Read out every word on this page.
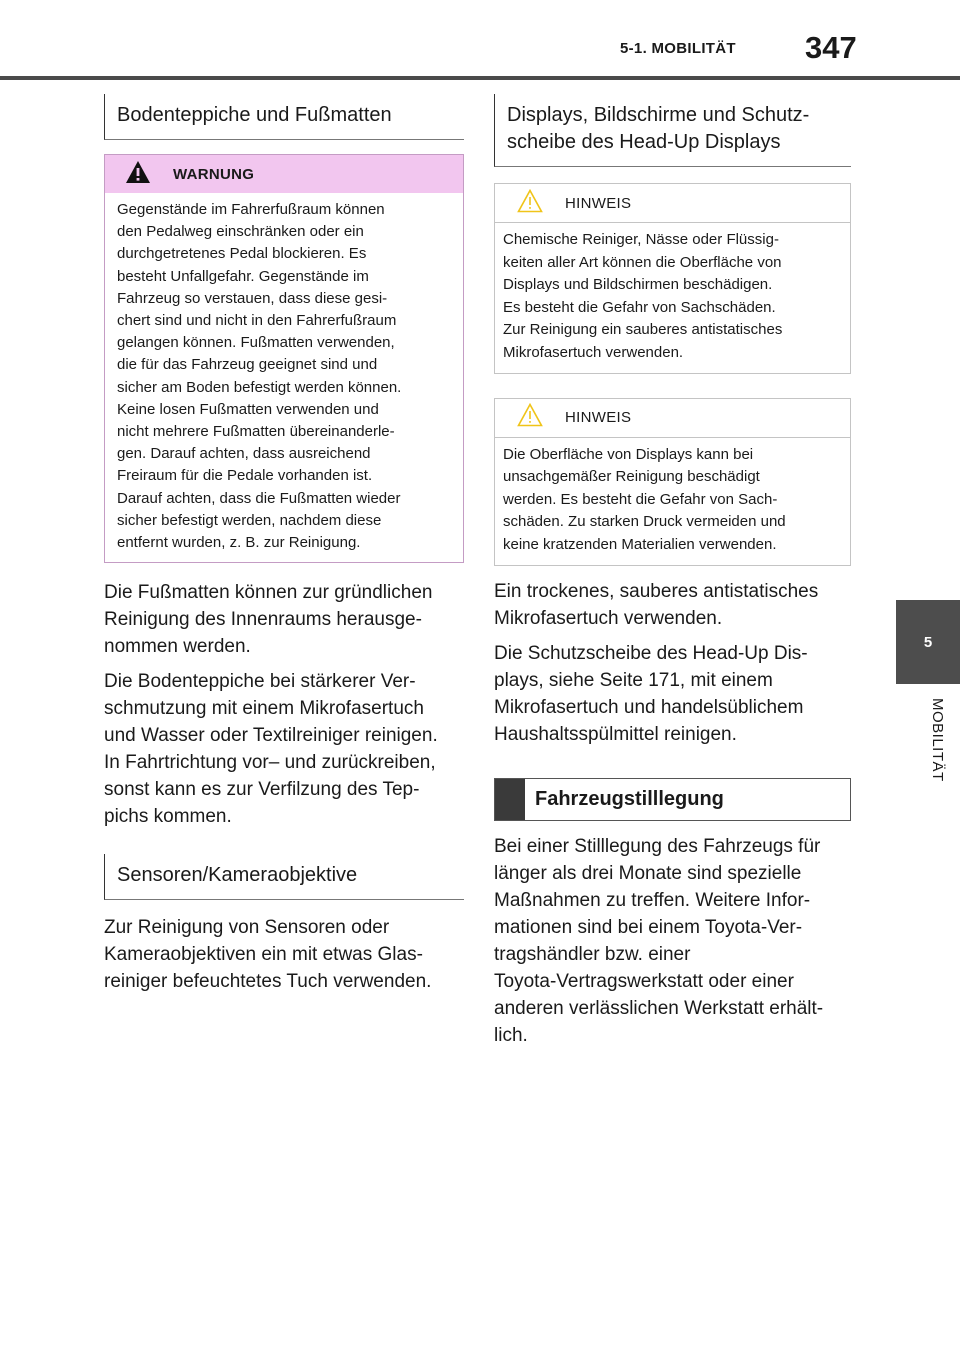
5-1. MOBILITÄT 347
5
MOBILITÄT
Bodenteppiche und Fußmatten
WARNUNG
Gegenstände im Fahrerfußraum können
den Pedalweg einschränken oder ein
durchgetretenes Pedal blockieren. Es
besteht Unfallgefahr. Gegenstände im
Fahrzeug so verstauen, dass diese gesi-
chert sind und nicht in den Fahrerfußraum
gelangen können. Fußmatten verwenden,
die für das Fahrzeug geeignet sind und
sicher am Boden befestigt werden können.
Keine losen Fußmatten verwenden und
nicht mehrere Fußmatten übereinanderle-
gen. Darauf achten, dass ausreichend
Freiraum für die Pedale vorhanden ist.
Darauf achten, dass die Fußmatten wieder
sicher befestigt werden, nachdem diese
entfernt wurden, z. B. zur Reinigung.
Die Fußmatten können zur gründlichen
Reinigung des Innenraums herausge-
nommen werden.
Die Bodenteppiche bei stärkerer Ver-
schmutzung mit einem Mikrofasertuch
und Wasser oder Textilreiniger reinigen.
In Fahrtrichtung vor– und zurückreiben,
sonst kann es zur Verfilzung des Tep-
pichs kommen.
Sensoren/Kameraobjektive
Zur Reinigung von Sensoren oder
Kameraobjektiven ein mit etwas Glas-
reiniger befeuchtetes Tuch verwenden.
Displays, Bildschirme und Schutz-
scheibe des Head-Up Displays
HINWEIS
Chemische Reiniger, Nässe oder Flüssig-
keiten aller Art können die Oberfläche von
Displays und Bildschirmen beschädigen.
Es besteht die Gefahr von Sachschäden.
Zur Reinigung ein sauberes antistatisches
Mikrofasertuch verwenden.
HINWEIS
Die Oberfläche von Displays kann bei
unsachgemäßer Reinigung beschädigt
werden. Es besteht die Gefahr von Sach-
schäden. Zu starken Druck vermeiden und
keine kratzenden Materialien verwenden.
Ein trockenes, sauberes antistatisches
Mikrofasertuch verwenden.
Die Schutzscheibe des Head-Up Dis-
plays, siehe Seite 171, mit einem
Mikrofasertuch und handelsüblichem
Haushaltsspülmittel reinigen.
Fahrzeugstilllegung
Bei einer Stilllegung des Fahrzeugs für
länger als drei Monate sind spezielle
Maßnahmen zu treffen. Weitere Infor-
mationen sind bei einem Toyota-Ver-
tragshändler bzw. einer
Toyota-Vertragswerkstatt oder einer
anderen verlässlichen Werkstatt erhält-
lich.
